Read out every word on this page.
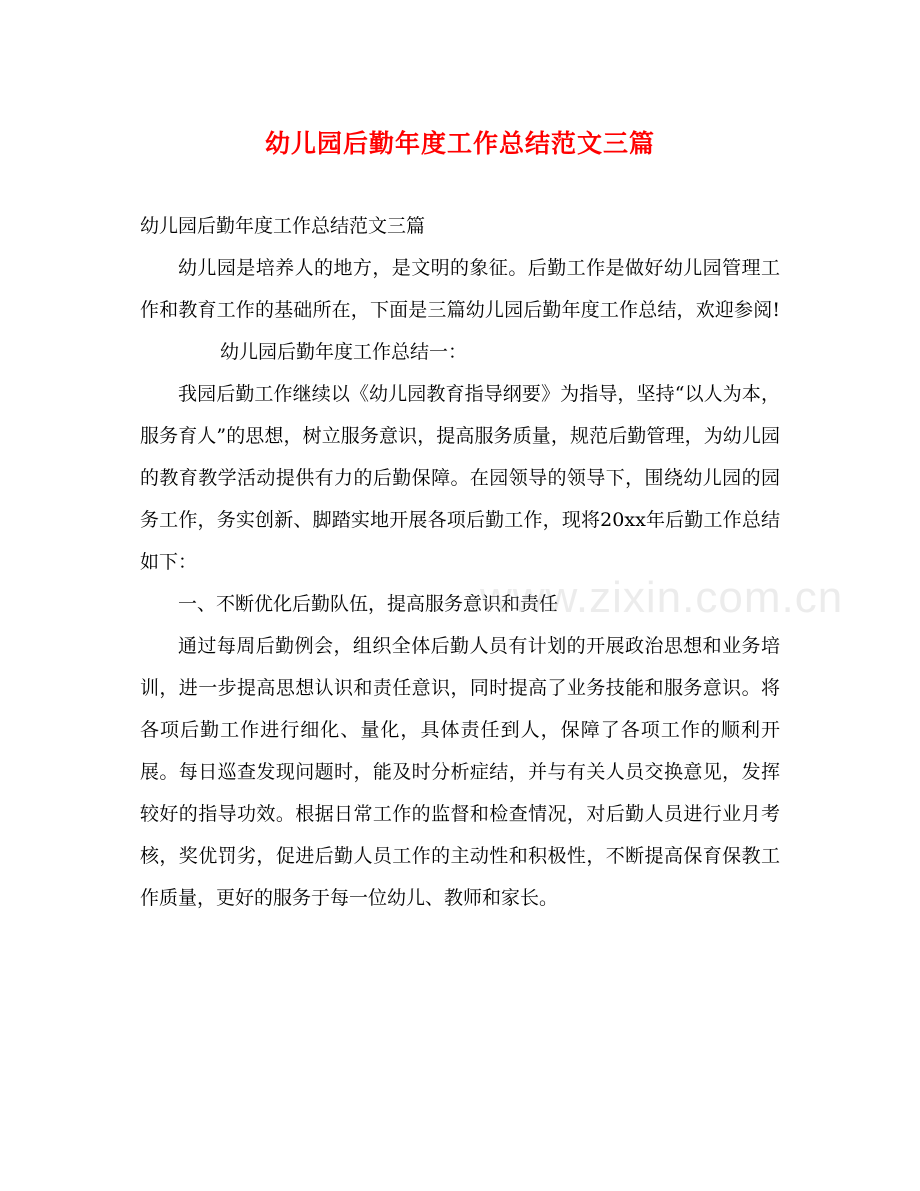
幼儿园后勤年度工作总结范文三篇

幼儿园后勤年度工作总结范文三篇

幼儿园是培养人的地方，是文明的象征。后勤工作是做好幼儿园管理工作和教育工作的基础所在，下面是三篇幼儿园后勤年度工作总结，欢迎参阅!幼儿园后勤年度工作总结一：

我园后勤工作继续以《幼儿园教育指导纲要》为指导，坚持“以人为本，服务育人”的思想，树立服务意识，提高服务质量，规范后勤管理，为幼儿园的教育教学活动提供有力的后勤保障。在园领导的领导下，围绕幼儿园的园务工作，务实创新、脚踏实地开展各项后勤工作，现将20xx年后勤工作总结如下：

一、不断优化后勤队伍，提高服务意识和责任

通过每周后勤例会，组织全体后勤人员有计划的开展政治思想和业务培训，进一步提高思想认识和责任意识，同时提高了业务技能和服务意识。将各项后勤工作进行细化、量化，具体责任到人，保障了各项工作的顺利开展。每日巡查发现问题时，能及时分析症结，并与有关人员交换意见，发挥较好的指导功效。根据日常工作的监督和检查情况，对后勤人员进行业月考核，奖优罚劣，促进后勤人员工作的主动性和积极性，不断提高保育保教工作质量，更好的服务于每一位幼儿、教师和家长。

www.zixin.com.cn
